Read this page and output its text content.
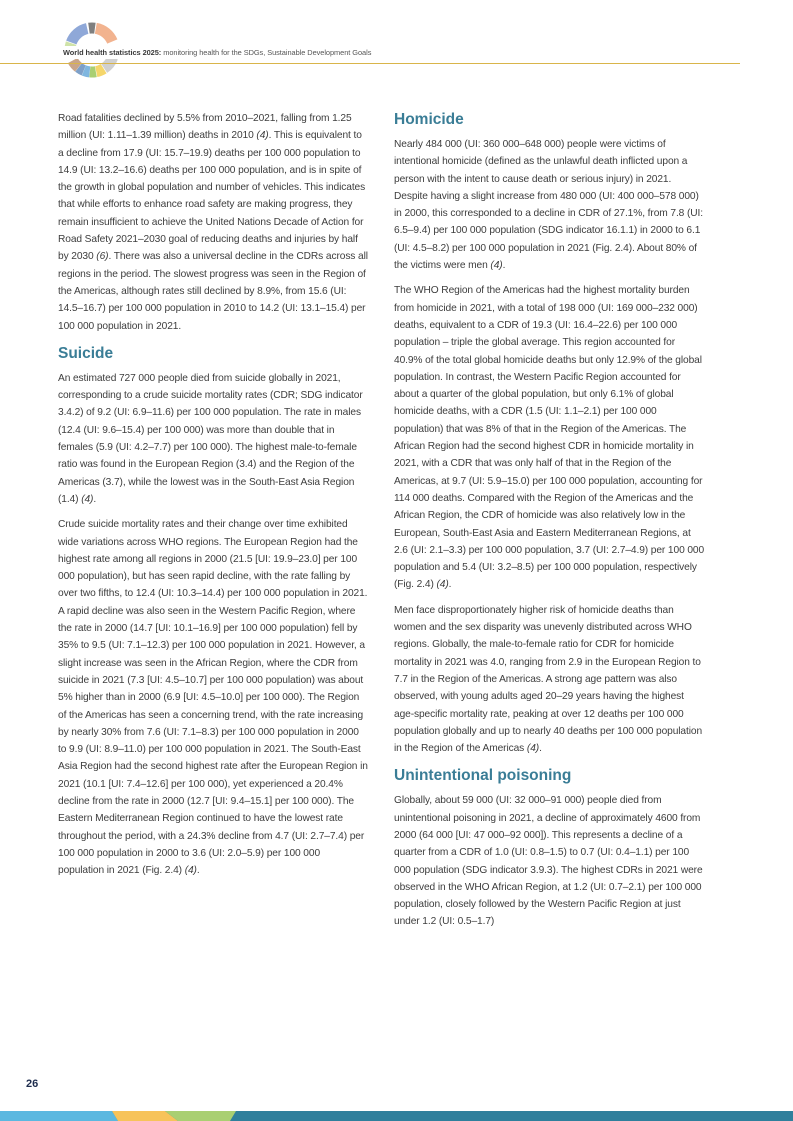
World health statistics 2025: monitoring health for the SDGs, Sustainable Development Goals

Road fatalities declined by 5.5% from 2010–2021, falling from 1.25 million (UI: 1.11–1.39 million) deaths in 2010 (4). This is equivalent to a decline from 17.9 (UI: 15.7–19.9) deaths per 100 000 population to 14.9 (UI: 13.2–16.6) deaths per 100 000 population, and is in spite of the growth in global population and number of vehicles. This indicates that while efforts to enhance road safety are making progress, they remain insufficient to achieve the United Nations Decade of Action for Road Safety 2021–2030 goal of reducing deaths and injuries by half by 2030 (6). There was also a universal decline in the CDRs across all regions in the period. The slowest progress was seen in the Region of the Americas, although rates still declined by 8.9%, from 15.6 (UI: 14.5–16.7) per 100 000 population in 2010 to 14.2 (UI: 13.1–15.4) per 100 000 population in 2021.

Suicide

An estimated 727 000 people died from suicide globally in 2021, corresponding to a crude suicide mortality rates (CDR; SDG indicator 3.4.2) of 9.2 (UI: 6.9–11.6) per 100 000 population. The rate in males (12.4 (UI: 9.6–15.4) per 100 000) was more than double that in females (5.9 (UI: 4.2–7.7) per 100 000). The highest male-to-female ratio was found in the European Region (3.4) and the Region of the Americas (3.7), while the lowest was in the South-East Asia Region (1.4) (4).

Crude suicide mortality rates and their change over time exhibited wide variations across WHO regions. The European Region had the highest rate among all regions in 2000 (21.5 [UI: 19.9–23.0] per 100 000 population), but has seen rapid decline, with the rate falling by over two fifths, to 12.4 (UI: 10.3–14.4) per 100 000 population in 2021. A rapid decline was also seen in the Western Pacific Region, where the rate in 2000 (14.7 [UI: 10.1–16.9] per 100 000 population) fell by 35% to 9.5 (UI: 7.1–12.3) per 100 000 population in 2021. However, a slight increase was seen in the African Region, where the CDR from suicide in 2021 (7.3 [UI: 4.5–10.7] per 100 000 population) was about 5% higher than in 2000 (6.9 [UI: 4.5–10.0] per 100 000). The Region of the Americas has seen a concerning trend, with the rate increasing by nearly 30% from 7.6 (UI: 7.1–8.3) per 100 000 population in 2000 to 9.9 (UI: 8.9–11.0) per 100 000 population in 2021. The South-East Asia Region had the second highest rate after the European Region in 2021 (10.1 [UI: 7.4–12.6] per 100 000), yet experienced a 20.4% decline from the rate in 2000 (12.7 [UI: 9.4–15.1] per 100 000). The Eastern Mediterranean Region continued to have the lowest rate throughout the period, with a 24.3% decline from 4.7 (UI: 2.7–7.4) per 100 000 population in 2000 to 3.6 (UI: 2.0–5.9) per 100 000 population in 2021 (Fig. 2.4) (4).

Homicide

Nearly 484 000 (UI: 360 000–648 000) people were victims of intentional homicide (defined as the unlawful death inflicted upon a person with the intent to cause death or serious injury) in 2021. Despite having a slight increase from 480 000 (UI: 400 000–578 000) in 2000, this corresponded to a decline in CDR of 27.1%, from 7.8 (UI: 6.5–9.4) per 100 000 population (SDG indicator 16.1.1) in 2000 to 6.1 (UI: 4.5–8.2) per 100 000 population in 2021 (Fig. 2.4). About 80% of the victims were men (4).

The WHO Region of the Americas had the highest mortality burden from homicide in 2021, with a total of 198 000 (UI: 169 000–232 000) deaths, equivalent to a CDR of 19.3 (UI: 16.4–22.6) per 100 000 population – triple the global average. This region accounted for 40.9% of the total global homicide deaths but only 12.9% of the global population. In contrast, the Western Pacific Region accounted for about a quarter of the global population, but only 6.1% of global homicide deaths, with a CDR (1.5 (UI: 1.1–2.1) per 100 000 population) that was 8% of that in the Region of the Americas. The African Region had the second highest CDR in homicide mortality in 2021, with a CDR that was only half of that in the Region of the Americas, at 9.7 (UI: 5.9–15.0) per 100 000 population, accounting for 114 000 deaths. Compared with the Region of the Americas and the African Region, the CDR of homicide was also relatively low in the European, South-East Asia and Eastern Mediterranean Regions, at 2.6 (UI: 2.1–3.3) per 100 000 population, 3.7 (UI: 2.7–4.9) per 100 000 population and 5.4 (UI: 3.2–8.5) per 100 000 population, respectively (Fig. 2.4) (4).

Men face disproportionately higher risk of homicide deaths than women and the sex disparity was unevenly distributed across WHO regions. Globally, the male-to-female ratio for CDR for homicide mortality in 2021 was 4.0, ranging from 2.9 in the European Region to 7.7 in the Region of the Americas. A strong age pattern was also observed, with young adults aged 20–29 years having the highest age-specific mortality rate, peaking at over 12 deaths per 100 000 population globally and up to nearly 40 deaths per 100 000 population in the Region of the Americas (4).

Unintentional poisoning

Globally, about 59 000 (UI: 32 000–91 000) people died from unintentional poisoning in 2021, a decline of approximately 4600 from 2000 (64 000 [UI: 47 000–92 000]). This represents a decline of a quarter from a CDR of 1.0 (UI: 0.8–1.5) to 0.7 (UI: 0.4–1.1) per 100 000 population (SDG indicator 3.9.3). The highest CDRs in 2021 were observed in the WHO African Region, at 1.2 (UI: 0.7–2.1) per 100 000 population, closely followed by the Western Pacific Region at just under 1.2 (UI: 0.5–1.7)

26
